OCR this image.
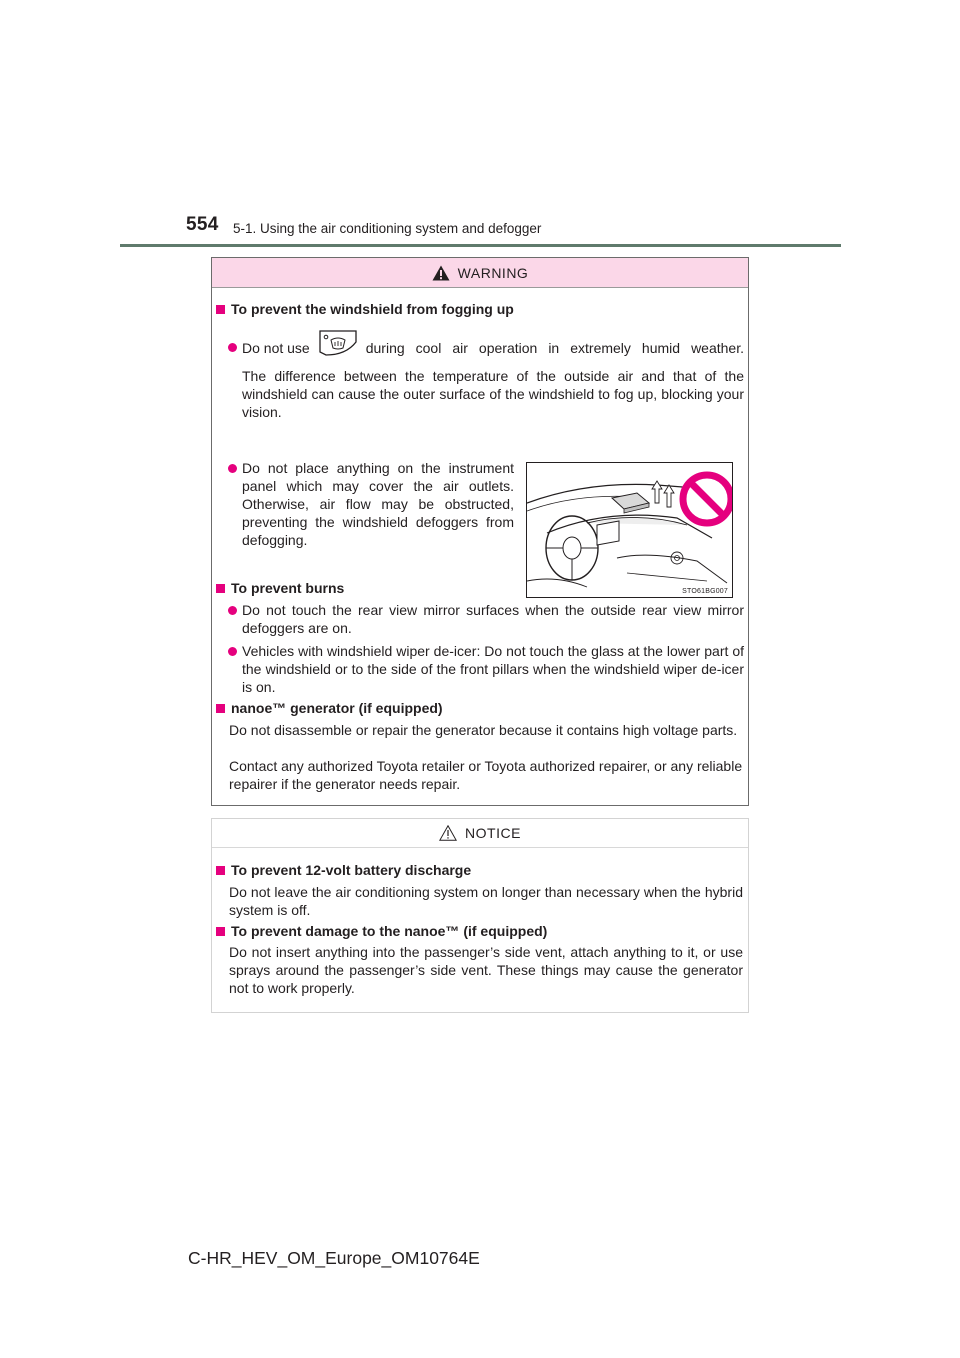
554 5-1. Using the air conditioning system and defogger
WARNING
To prevent the windshield from fogging up
Do not use	during cool air operation in extremely humid weather.
The difference between the temperature of the outside air and that of the windshield can cause the outer surface of the windshield to fog up, blocking your vision.
Do not place anything on the instrument panel which may cover the air outlets. Otherwise, air flow may be obstructed, preventing the windshield defoggers from defogging.
STO61BG007
To prevent burns
Do not touch the rear view mirror surfaces when the outside rear view mirror defoggers are on.
Vehicles with windshield wiper de-icer: Do not touch the glass at the lower part of the windshield or to the side of the front pillars when the windshield wiper de-icer is on.
nanoe™ generator (if equipped)
Do not disassemble or repair the generator because it contains high voltage parts.
Contact any authorized Toyota retailer or Toyota authorized repairer, or any reliable repairer if the generator needs repair.
NOTICE
To prevent 12-volt battery discharge
Do not leave the air conditioning system on longer than necessary when the hybrid system is off.
To prevent damage to the nanoe™ (if equipped)
Do not insert anything into the passenger’s side vent, attach anything to it, or use sprays around the passenger’s side vent. These things may cause the generator not to work properly.
C-HR_HEV_OM_Europe_OM10764E
